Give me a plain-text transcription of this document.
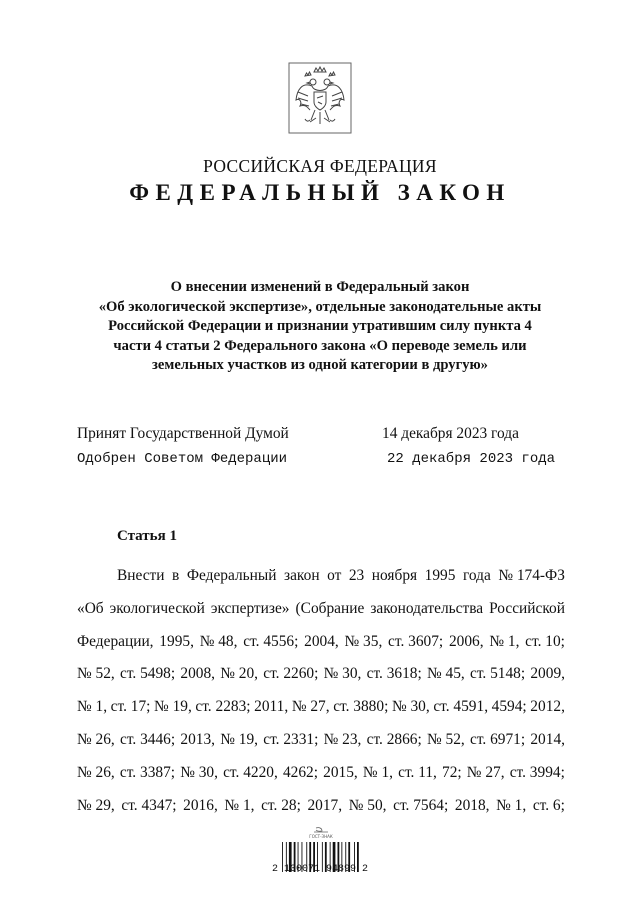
РОССИЙСКАЯ ФЕДЕРАЦИЯ
ФЕДЕРАЛЬНЫЙ ЗАКОН
О внесении изменений в Федеральный закон
«Об экологической экспертизе», отдельные законодательные акты
Российской Федерации и признании утратившим силу пункта 4
части 4 статьи 2 Федерального закона «О переводе земель или
земельных участков из одной категории в другую»
Принят Государственной Думой	14 декабря 2023 года
Одобрен Советом Федерации	22 декабря 2023 года
Статья 1
Внести в Федеральный закон от 23 ноября 1995 года № 174-ФЗ
«Об экологической экспертизе» (Собрание законодательства Российской
Федерации, 1995, № 48, ст. 4556; 2004, № 35, ст. 3607; 2006, № 1, ст. 10;
№ 52, ст. 5498; 2008, № 20, ст. 2260; № 30, ст. 3618; № 45, ст. 5148; 2009,
№ 1, ст. 17; № 19, ст. 2283; 2011, № 27, ст. 3880; № 30, ст. 4591, 4594; 2012,
№ 26, ст. 3446; 2013, № 19, ст. 2331; № 23, ст. 2866; № 52, ст. 6971; 2014,
№ 26, ст. 3387; № 30, ст. 4220, 4262; 2015, № 1, ст. 11, 72; № 27, ст. 3994;
№ 29, ст. 4347; 2016, № 1, ст. 28; 2017, № 50, ст. 7564; 2018, № 1, ст. 6;
ГОСТ-ЗНАК
2 100071 94899 2
